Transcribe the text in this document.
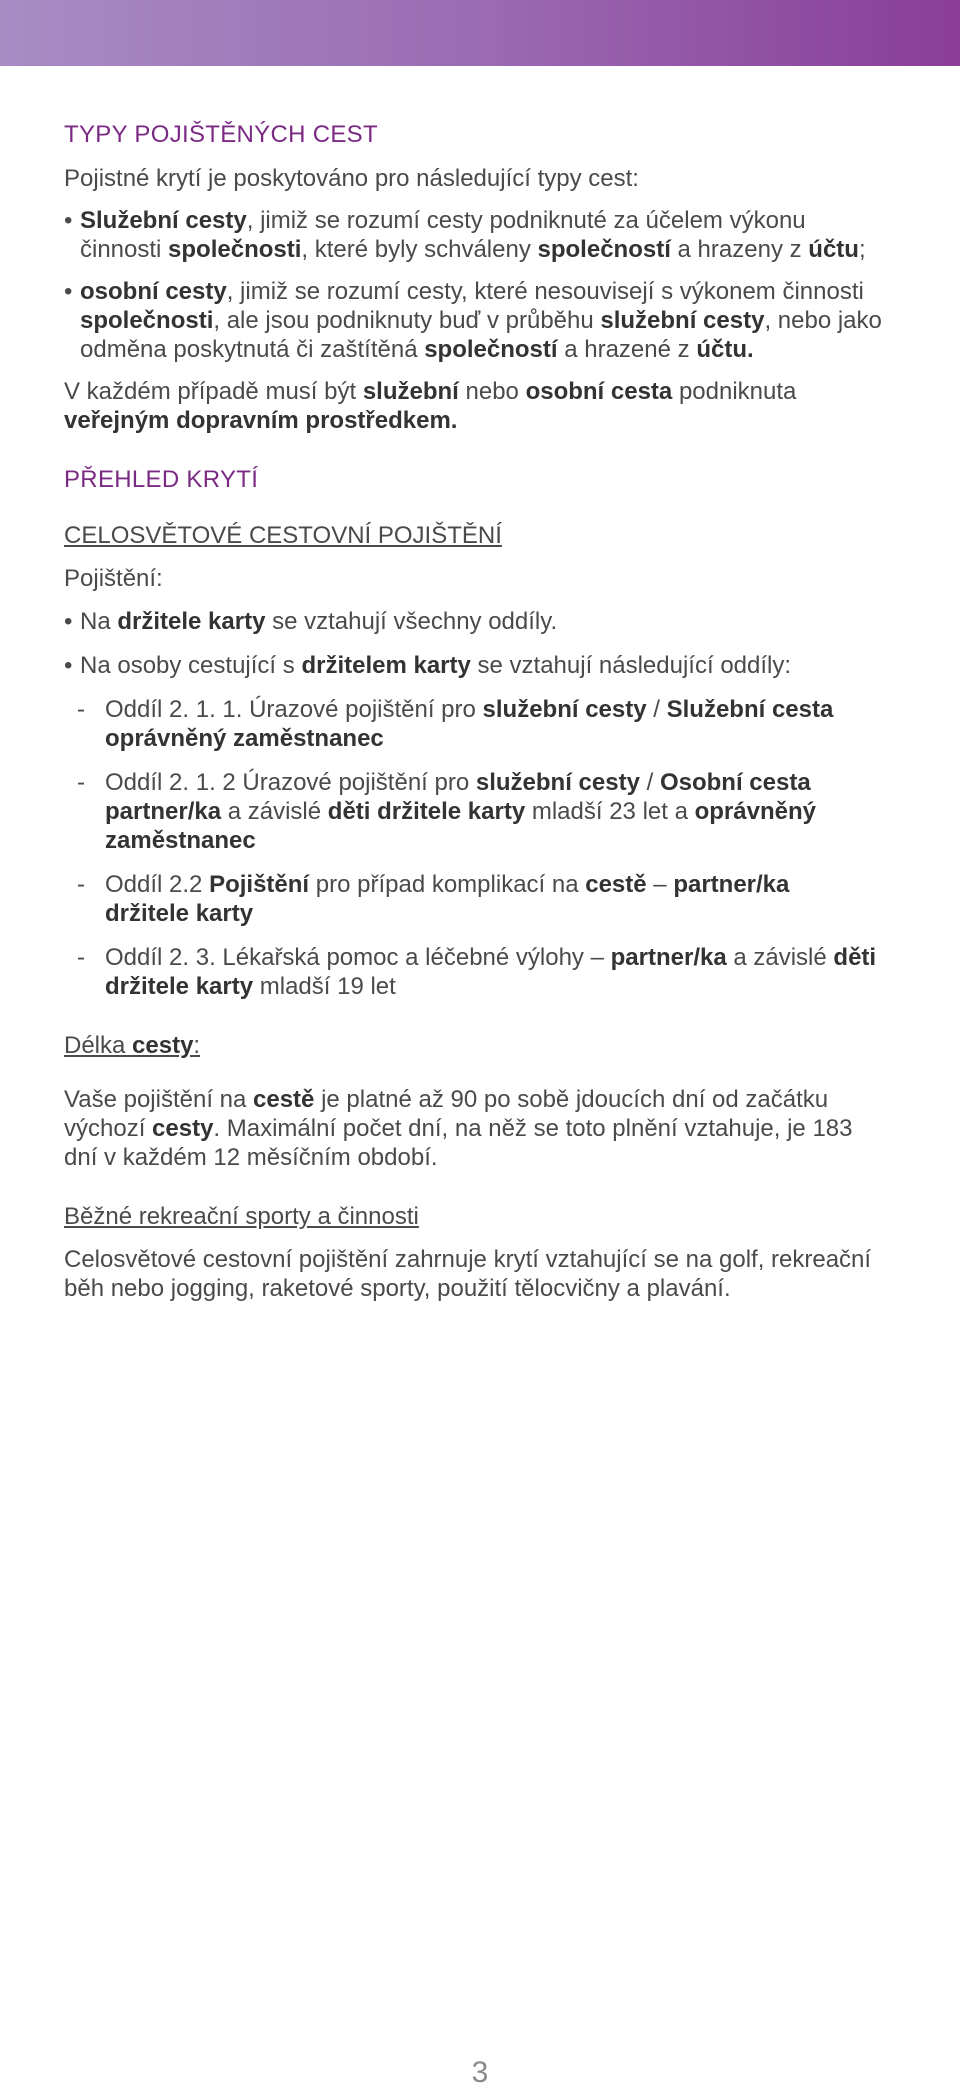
TYPY POJIŠTĚNÝCH CEST

Pojistné krytí je poskytováno pro následující typy cest:

• Služební cesty, jimiž se rozumí cesty podniknuté za účelem výkonu činnosti společnosti, které byly schváleny společností a hrazeny z účtu;

• osobní cesty, jimiž se rozumí cesty, které nesouvisejí s výkonem činnosti společnosti, ale jsou podniknuty buď v průběhu služební cesty, nebo jako odměna poskytnutá či zaštítěná společností a hrazené z účtu.

V každém případě musí být služební nebo osobní cesta podniknuta veřejným dopravním prostředkem.

PŘEHLED KRYTÍ

CELOSVĚTOVÉ CESTOVNÍ POJIŠTĚNÍ

Pojištění:

• Na držitele karty se vztahují všechny oddíly.

• Na osoby cestující s držitelem karty se vztahují následující oddíly:

- Oddíl 2. 1. 1. Úrazové pojištění pro služební cesty / Služební cesta oprávněný zaměstnanec

- Oddíl 2. 1. 2 Úrazové pojištění pro služební cesty / Osobní cesta partner/ka a závislé děti držitele karty mladší 23 let a oprávněný zaměstnanec

- Oddíl 2.2 Pojištění pro případ komplikací na cestě – partner/ka držitele karty

- Oddíl 2. 3. Lékařská pomoc a léčebné výlohy – partner/ka a závislé děti držitele karty mladší 19 let

Délka cesty:

Vaše pojištění na cestě je platné až 90 po sobě jdoucích dní od začátku výchozí cesty. Maximální počet dní, na něž se toto plnění vztahuje, je 183 dní v každém 12 měsíčním období.

Běžné rekreační sporty a činnosti

Celosvětové cestovní pojištění zahrnuje krytí vztahující se na golf, rekreační běh nebo jogging, raketové sporty, použití tělocvičny a plavání.

3
